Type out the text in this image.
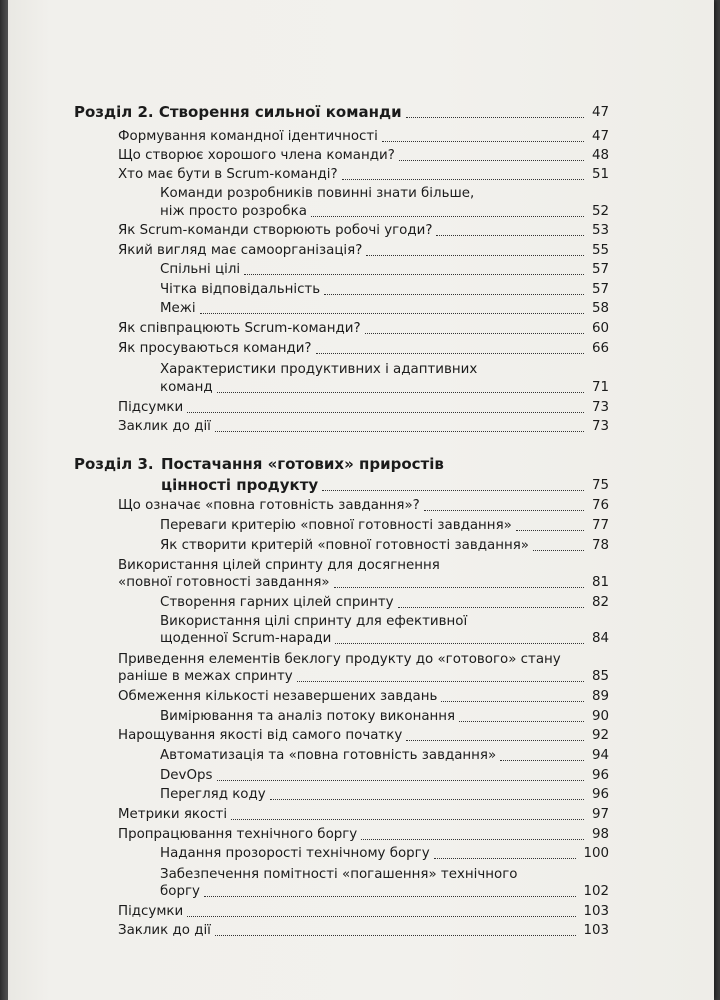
Розділ 2. Створення сильної команди	47
Формування командної ідентичності	47
Що створює хорошого члена команди?	48
Хто має бути в Scrum-команді?	51
Команди розробників повинні знати більше,
ніж просто розробка	52
Як Scrum-команди створюють робочі угоди?	53
Який вигляд має самоорганізація?	55
Спільні цілі	57
Чітка відповідальність	57
Межі	58
Як співпрацюють Scrum-команди?	60
Як просуваються команди?	66
Характеристики продуктивних і адаптивних
команд	71
Підсумки	73
Заклик до дії	73
Розділ 3. Постачання «готових» приростів
цінності продукту	75
Що означає «повна готовність завдання»?	76
Переваги критерію «повної готовності завдання»	77
Як створити критерій «повної готовності завдання»	78
Використання цілей спринту для досягнення
«повної готовності завдання»	81
Створення гарних цілей спринту	82
Використання цілі спринту для ефективної
щоденної Scrum-наради	84
Приведення елементів беклогу продукту до «готового» стану
раніше в межах спринту	85
Обмеження кількості незавершених завдань	89
Вимірювання та аналіз потоку виконання	90
Нарощування якості від самого початку	92
Автоматизація та «повна готовність завдання»	94
DevOps	96
Перегляд коду	96
Метрики якості	97
Пропрацювання технічного боргу	98
Надання прозорості технічному боргу	100
Забезпечення помітності «погашення» технічного
боргу	102
Підсумки	103
Заклик до дії	103
